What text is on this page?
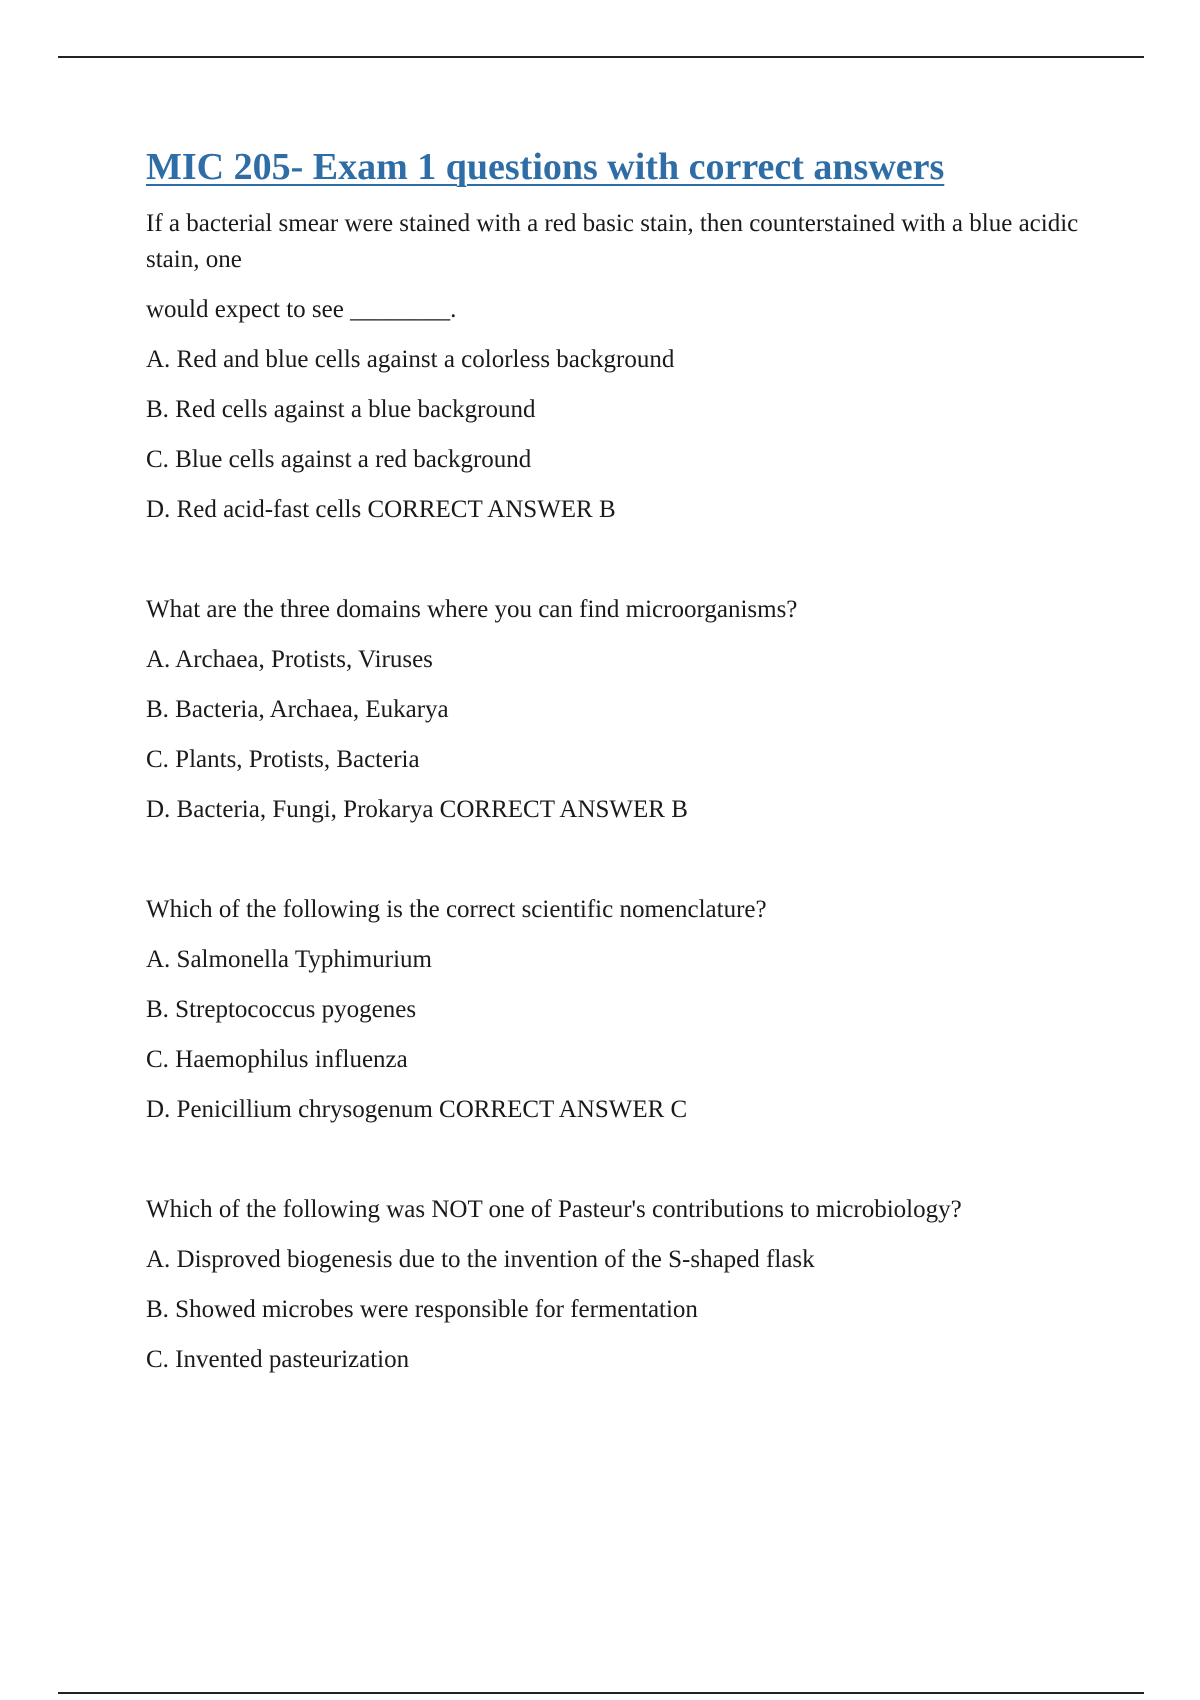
MIC 205- Exam 1 questions with correct answers

If a bacterial smear were stained with a red basic stain, then counterstained with a blue acidic stain, one

would expect to see ________.

A. Red and blue cells against a colorless background

B. Red cells against a blue background

C. Blue cells against a red background

D. Red acid-fast cells CORRECT ANSWER B

What are the three domains where you can find microorganisms?

A. Archaea, Protists, Viruses

B. Bacteria, Archaea, Eukarya

C. Plants, Protists, Bacteria

D. Bacteria, Fungi, Prokarya CORRECT ANSWER B

Which of the following is the correct scientific nomenclature?

A. Salmonella Typhimurium

B. Streptococcus pyogenes

C. Haemophilus influenza

D. Penicillium chrysogenum CORRECT ANSWER C

Which of the following was NOT one of Pasteur's contributions to microbiology?

A. Disproved biogenesis due to the invention of the S-shaped flask

B. Showed microbes were responsible for fermentation

C. Invented pasteurization
